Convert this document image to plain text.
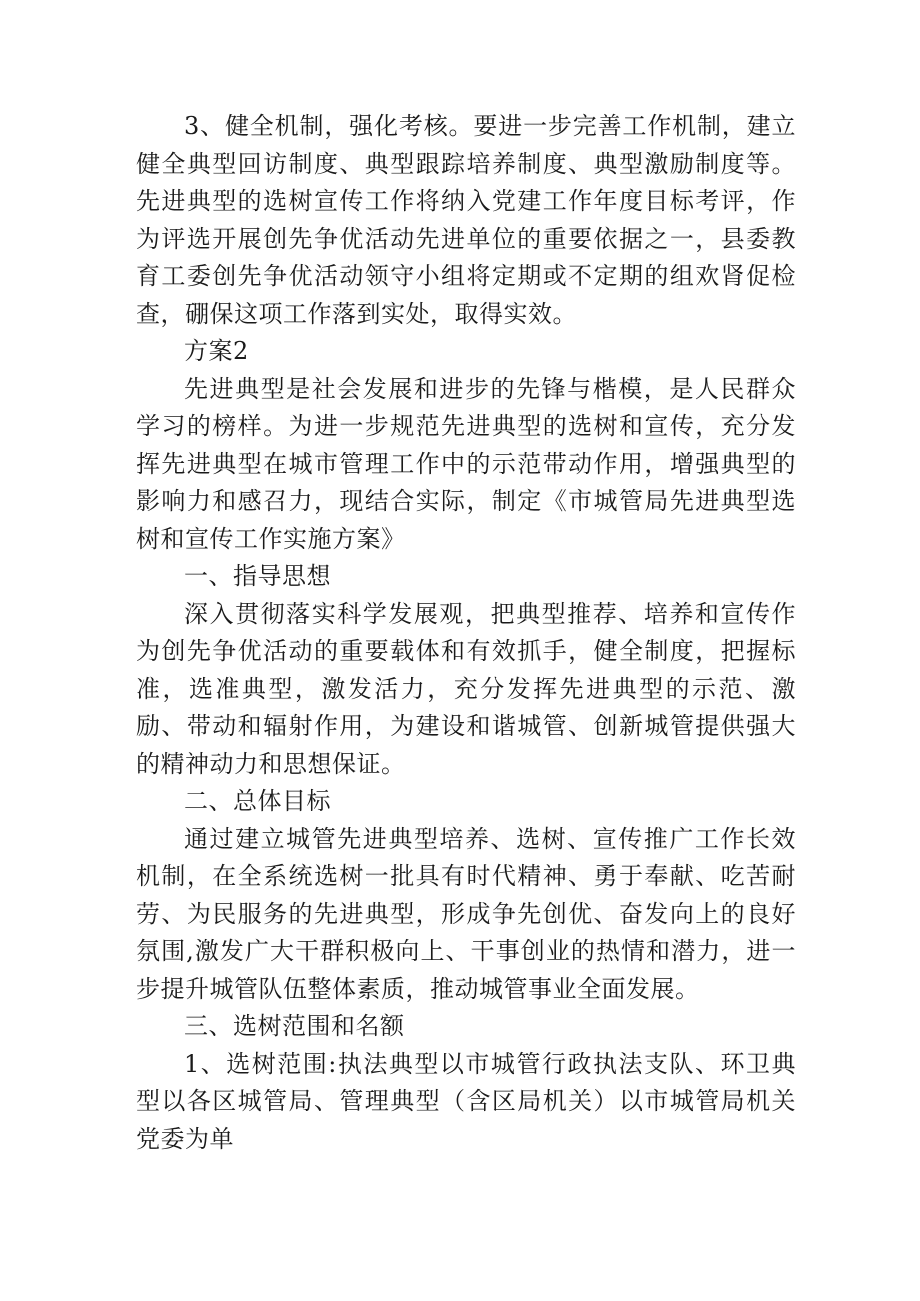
3、健全机制，强化考核。要进一步完善工作机制，建立健全典型回访制度、典型跟踪培养制度、典型激励制度等。先进典型的选树宣传工作将纳入党建工作年度目标考评，作为评选开展创先争优活动先进单位的重要依据之一，县委教育工委创先争优活动领守小组将定期或不定期的组欢肾促检查，硼保这项工作落到实处，取得实效。

方案2

先进典型是社会发展和进步的先锋与楷模，是人民群众学习的榜样。为进一步规范先进典型的选树和宣传，充分发挥先进典型在城市管理工作中的示范带动作用，增强典型的影响力和感召力，现结合实际，制定《市城管局先进典型选树和宣传工作实施方案》

一、指导思想

深入贯彻落实科学发展观，把典型推荐、培养和宣传作为创先争优活动的重要载体和有效抓手，健全制度，把握标准，选准典型，激发活力，充分发挥先进典型的示范、激励、带动和辐射作用，为建设和谐城管、创新城管提供强大的精神动力和思想保证。

二、总体目标

通过建立城管先进典型培养、选树、宣传推广工作长效机制，在全系统选树一批具有时代精神、勇于奉献、吃苦耐劳、为民服务的先进典型，形成争先创优、奋发向上的良好氛围,激发广大干群积极向上、干事创业的热情和潜力，进一步提升城管队伍整体素质，推动城管事业全面发展。

三、选树范围和名额

1、选树范围:执法典型以市城管行政执法支队、环卫典型以各区城管局、管理典型（含区局机关）以市城管局机关党委为单
